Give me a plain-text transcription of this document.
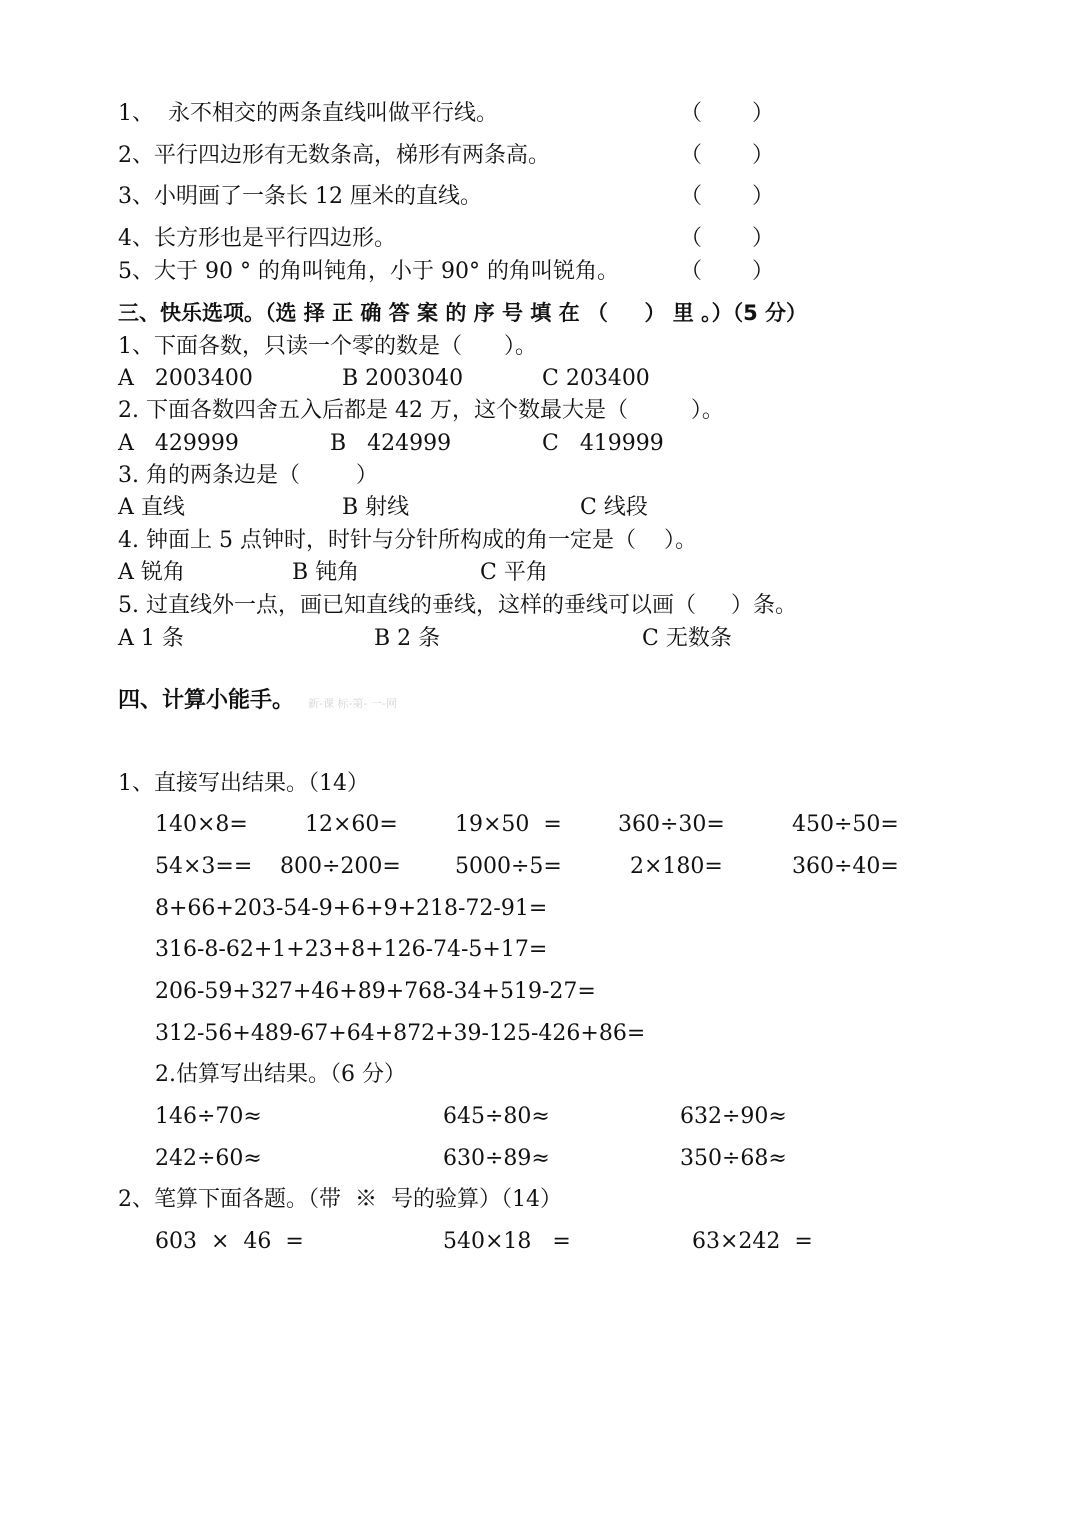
1、  永不相交的两条直线叫做平行线。	（ ）
2、平行四边形有无数条高，梯形有两条高。	（ ）
3、小明画了一条长 12 厘米的直线。	（ ）
4、长方形也是平行四边形。	（ ）
5、大于 90 ° 的角叫钝角，小于 90° 的角叫锐角。	（ ）
三、快乐选项。（选 择 正 确 答 案 的 序 号 填 在 （     ） 里 。）（5 分）
1、下面各数，只读一个零的数是（      ）。
A   2003400	B 2003040	C 203400
2. 下面各数四舍五入后都是 42 万，这个数最大是（         ）。
A   429999	B   424999	C   419999
3. 角的两条边是（        ）
A 直线	B 射线	C 线段
4. 钟面上 5 点钟时，时针与分针所构成的角一定是（    ）。
A 锐角	B 钝角	C 平角
5. 过直线外一点，画已知直线的垂线，这样的垂线可以画（     ）条。
A 1 条	B 2 条	C 无数条
四、计算小能手。 新-课 标-第- 一-网
1、直接写出结果。（14）
140×8=	12×60=	19×50  =	360÷30=	450÷50=
54×3== 800÷200= 5000÷5=	2×180=	360÷40=
8+66+203-54-9+6+9+218-72-91=
316-8-62+1+23+8+126-74-5+17=
206-59+327+46+89+768-34+519-27=
312-56+489-67+64+872+39-125-426+86=
2.估算写出结果。（6 分）
146÷70≈	645÷80≈	632÷90≈
242÷60≈	630÷89≈	350÷68≈
2、笔算下面各题。（带  ※  号的验算）（14）
603  ×  46  =	540×18   =	63×242  =
